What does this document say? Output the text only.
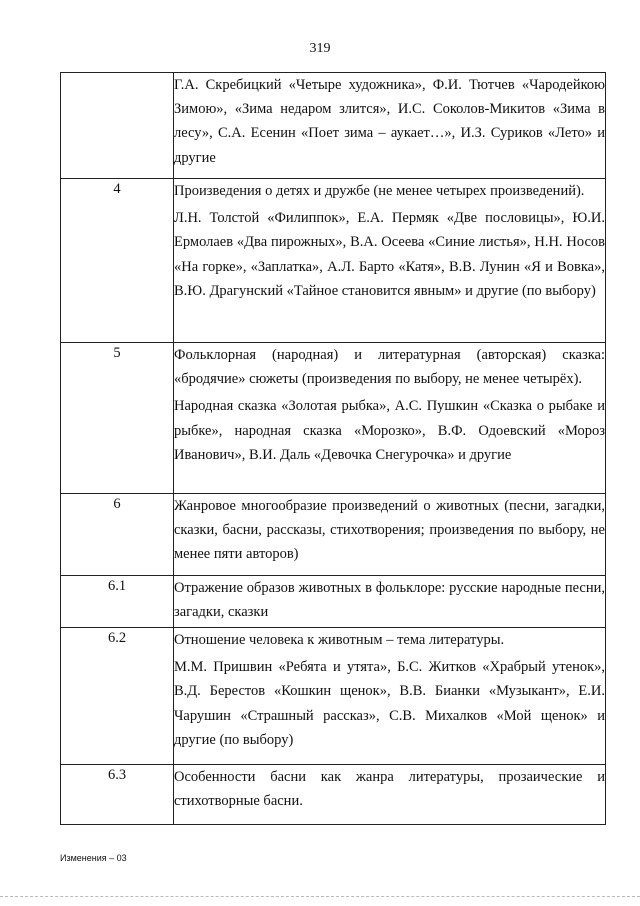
319

	Г.А. Скребицкий «Четыре художника», Ф.И. Тютчев «Чародейкою Зимою», «Зима недаром злится», И.С. Соколов-Микитов «Зима в лесу», С.А. Есенин «Поет зима – аукает…», И.З. Суриков «Лето» и другие

4	Произведения о детях и дружбе (не менее четырех произведений).

Л.Н. Толстой «Филиппок», Е.А. Пермяк «Две пословицы», Ю.И. Ермолаев «Два пирожных», В.А. Осеева «Синие листья», Н.Н. Носов «На горке», «Заплатка», А.Л. Барто «Катя», В.В. Лунин «Я и Вовка», В.Ю. Драгунский «Тайное становится явным» и другие (по выбору)

5	Фольклорная (народная) и литературная (авторская) сказка: «бродячие» сюжеты (произведения по выбору, не менее четырёх).

Народная сказка «Золотая рыбка», А.С. Пушкин «Сказка о рыбаке и рыбке», народная сказка «Морозко», В.Ф. Одоевский «Мороз Иванович», В.И. Даль «Девочка Снегурочка» и другие

6	Жанровое многообразие произведений о животных (песни, загадки, сказки, басни, рассказы, стихотворения; произведения по выбору, не менее пяти авторов)

6.1	Отражение образов животных в фольклоре: русские народные песни, загадки, сказки

6.2	Отношение человека к животным – тема литературы.

М.М. Пришвин «Ребята и утята», Б.С. Житков «Храбрый утенок», В.Д. Берестов «Кошкин щенок», В.В. Бианки «Музыкант», Е.И. Чарушин «Страшный рассказ», С.В. Михалков «Мой щенок» и другие (по выбору)

6.3	Особенности басни как жанра литературы, прозаические и стихотворные басни.

Изменения – 03
